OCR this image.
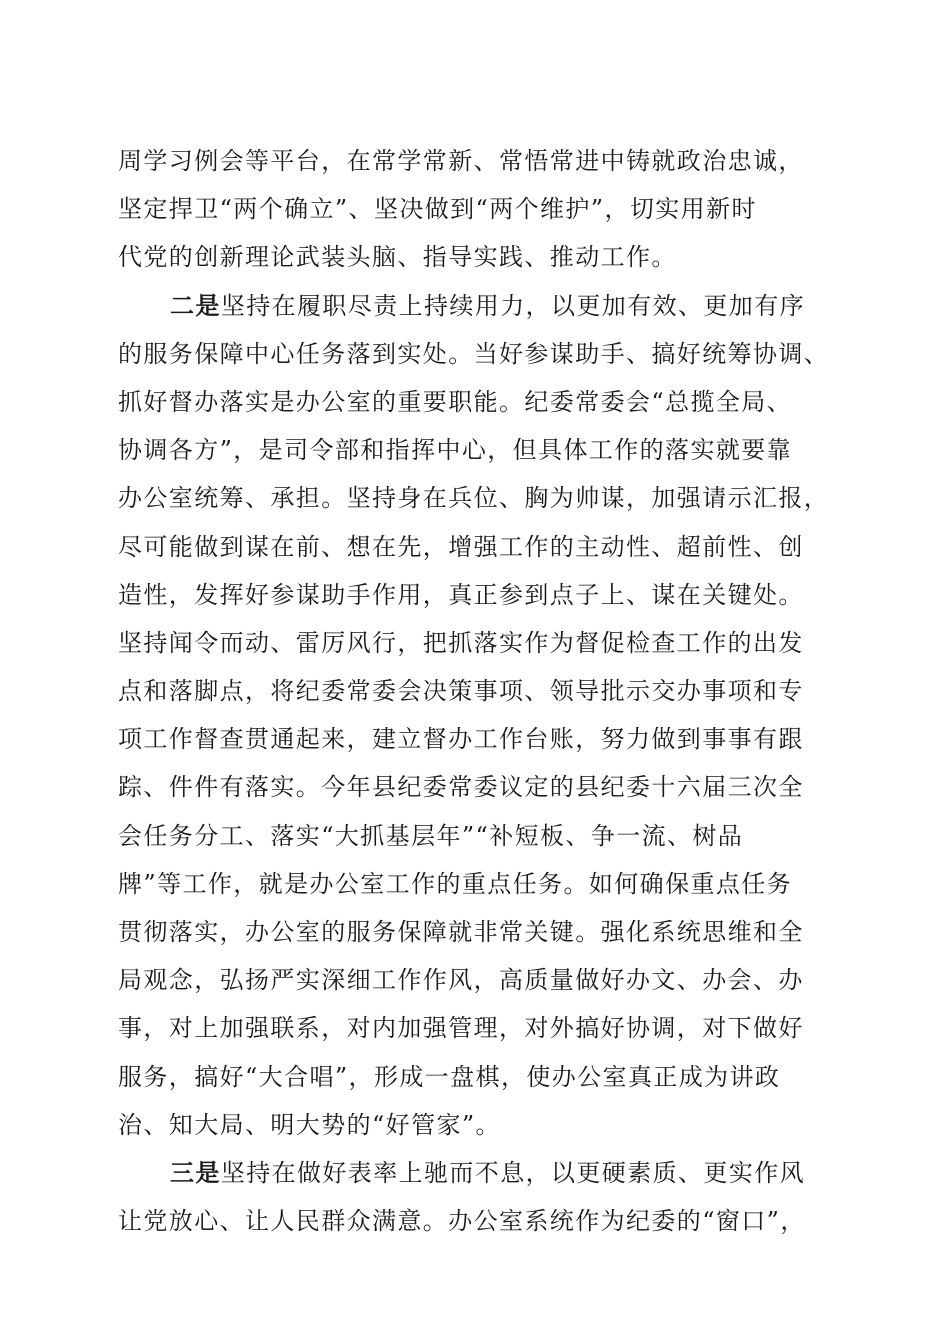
周学习例会等平台，在常学常新、常悟常进中铸就政治忠诚，
坚定捍卫“两个确立”、坚决做到“两个维护”，切实用新时
代党的创新理论武装头脑、指导实践、推动工作。
二是坚持在履职尽责上持续用力，以更加有效、更加有序
的服务保障中心任务落到实处。当好参谋助手、搞好统筹协调、
抓好督办落实是办公室的重要职能。纪委常委会“总揽全局、
协调各方”，是司令部和指挥中心，但具体工作的落实就要靠
办公室统筹、承担。坚持身在兵位、胸为帅谋，加强请示汇报，
尽可能做到谋在前、想在先，增强工作的主动性、超前性、创
造性，发挥好参谋助手作用，真正参到点子上、谋在关键处。
坚持闻令而动、雷厉风行，把抓落实作为督促检查工作的出发
点和落脚点，将纪委常委会决策事项、领导批示交办事项和专
项工作督查贯通起来，建立督办工作台账，努力做到事事有跟
踪、件件有落实。今年县纪委常委议定的县纪委十六届三次全
会任务分工、落实“大抓基层年”“补短板、争一流、树品
牌”等工作，就是办公室工作的重点任务。如何确保重点任务
贯彻落实，办公室的服务保障就非常关键。强化系统思维和全
局观念，弘扬严实深细工作作风，高质量做好办文、办会、办
事，对上加强联系，对内加强管理，对外搞好协调，对下做好
服务，搞好“大合唱”，形成一盘棋，使办公室真正成为讲政
治、知大局、明大势的“好管家”。
三是坚持在做好表率上驰而不息，以更硬素质、更实作风
让党放心、让人民群众满意。办公室系统作为纪委的“窗口”，
